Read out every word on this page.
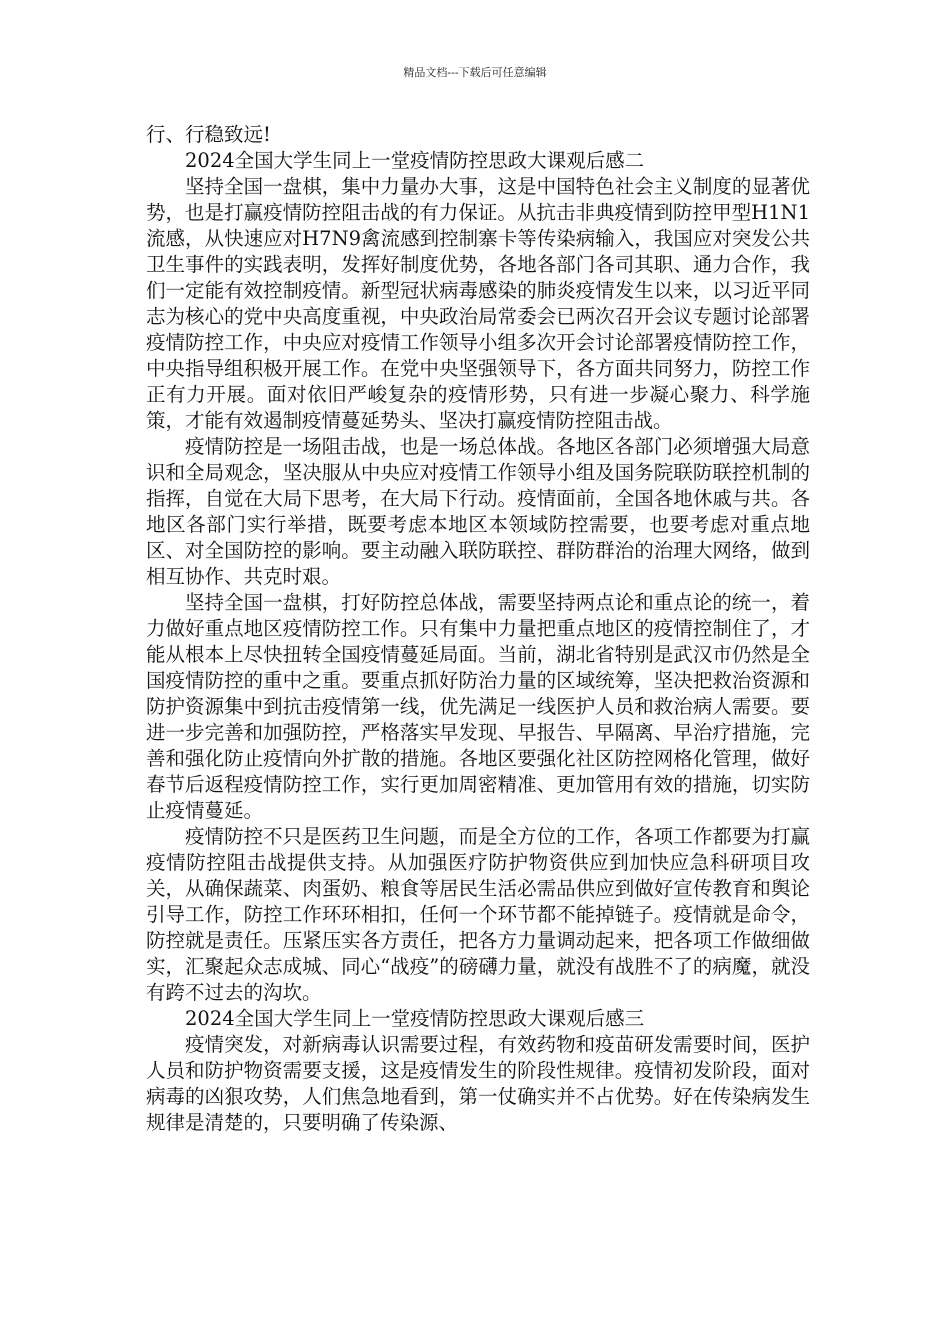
精品文档---下载后可任意编辑

行、行稳致远!

2024全国大学生同上一堂疫情防控思政大课观后感二

坚持全国一盘棋，集中力量办大事，这是中国特色社会主义制度的显著优势，也是打赢疫情防控阻击战的有力保证。从抗击非典疫情到防控甲型H1N1流感，从快速应对H7N9禽流感到控制寨卡等传染病输入，我国应对突发公共卫生事件的实践表明，发挥好制度优势，各地各部门各司其职、通力合作，我们一定能有效控制疫情。新型冠状病毒感染的肺炎疫情发生以来，以习近平同志为核心的党中央高度重视，中央政治局常委会已两次召开会议专题讨论部署疫情防控工作，中央应对疫情工作领导小组多次开会讨论部署疫情防控工作，中央指导组积极开展工作。在党中央坚强领导下，各方面共同努力，防控工作正有力开展。面对依旧严峻复杂的疫情形势，只有进一步凝心聚力、科学施策，才能有效遏制疫情蔓延势头、坚决打赢疫情防控阻击战。

疫情防控是一场阻击战，也是一场总体战。各地区各部门必须增强大局意识和全局观念，坚决服从中央应对疫情工作领导小组及国务院联防联控机制的指挥，自觉在大局下思考，在大局下行动。疫情面前，全国各地休戚与共。各地区各部门实行举措，既要考虑本地区本领域防控需要，也要考虑对重点地区、对全国防控的影响。要主动融入联防联控、群防群治的治理大网络，做到相互协作、共克时艰。

坚持全国一盘棋，打好防控总体战，需要坚持两点论和重点论的统一，着力做好重点地区疫情防控工作。只有集中力量把重点地区的疫情控制住了，才能从根本上尽快扭转全国疫情蔓延局面。当前，湖北省特别是武汉市仍然是全国疫情防控的重中之重。要重点抓好防治力量的区域统筹，坚决把救治资源和防护资源集中到抗击疫情第一线，优先满足一线医护人员和救治病人需要。要进一步完善和加强防控，严格落实早发现、早报告、早隔离、早治疗措施，完善和强化防止疫情向外扩散的措施。各地区要强化社区防控网格化管理，做好春节后返程疫情防控工作，实行更加周密精准、更加管用有效的措施，切实防止疫情蔓延。

疫情防控不只是医药卫生问题，而是全方位的工作，各项工作都要为打赢疫情防控阻击战提供支持。从加强医疗防护物资供应到加快应急科研项目攻关，从确保蔬菜、肉蛋奶、粮食等居民生活必需品供应到做好宣传教育和舆论引导工作，防控工作环环相扣，任何一个环节都不能掉链子。疫情就是命令，防控就是责任。压紧压实各方责任，把各方力量调动起来，把各项工作做细做实，汇聚起众志成城、同心“战疫”的磅礴力量，就没有战胜不了的病魔，就没有跨不过去的沟坎。

2024全国大学生同上一堂疫情防控思政大课观后感三

疫情突发，对新病毒认识需要过程，有效药物和疫苗研发需要时间，医护人员和防护物资需要支援，这是疫情发生的阶段性规律。疫情初发阶段，面对病毒的凶狠攻势，人们焦急地看到，第一仗确实并不占优势。好在传染病发生规律是清楚的，只要明确了传染源、
